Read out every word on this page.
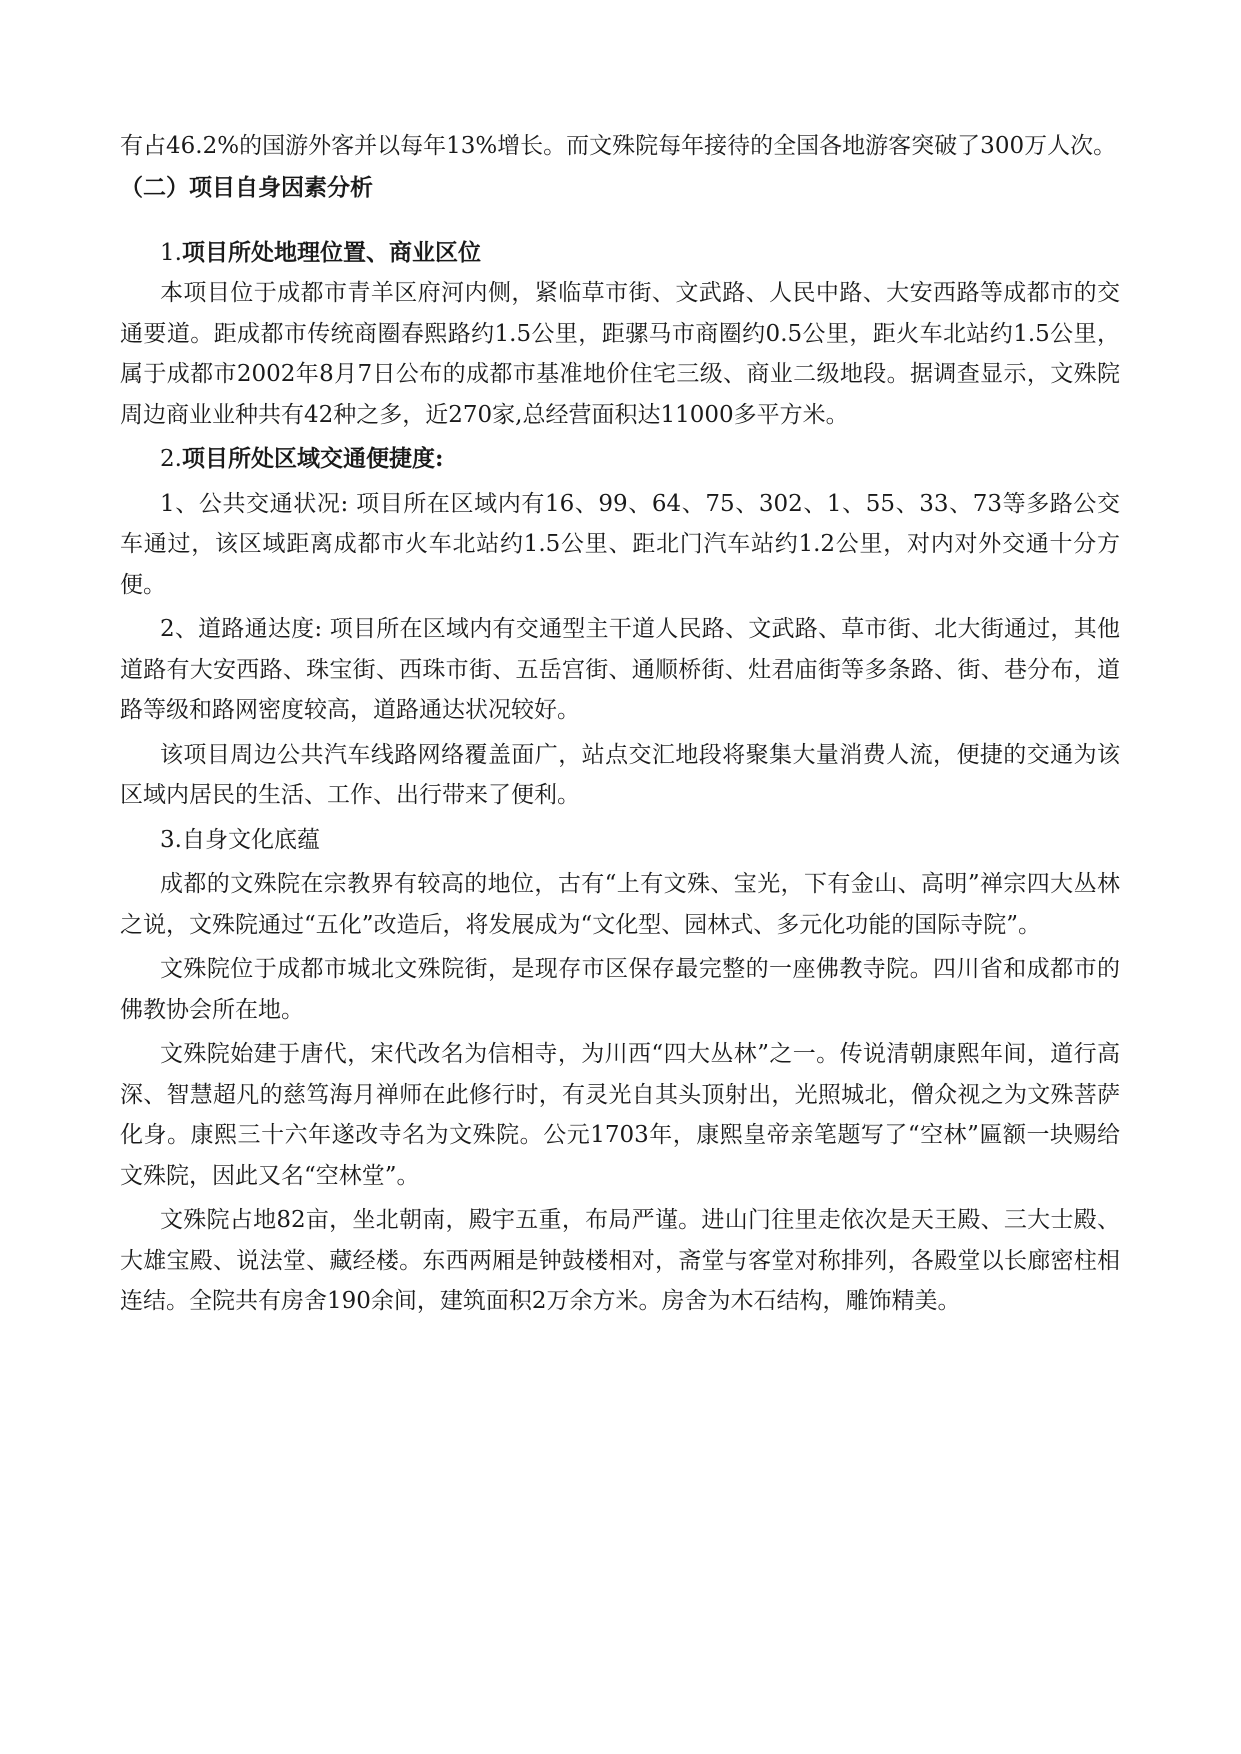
有占46.2%的国游外客并以每年13%增长。而文殊院每年接待的全国各地游客突破了300万人次。

（二）项目自身因素分析

1.项目所处地理位置、商业区位

本项目位于成都市青羊区府河内侧，紧临草市街、文武路、人民中路、大安西路等成都市的交通要道。距成都市传统商圈春熙路约1.5公里，距骡马市商圈约0.5公里，距火车北站约1.5公里，属于成都市2002年8月7日公布的成都市基准地价住宅三级、商业二级地段。据调查显示，文殊院周边商业业种共有42种之多，近270家,总经营面积达11000多平方米。

2.项目所处区域交通便捷度:

1、公共交通状况: 项目所在区域内有16、99、64、75、302、1、55、33、73等多路公交车通过，该区域距离成都市火车北站约1.5公里、距北门汽车站约1.2公里，对内对外交通十分方便。

2、道路通达度: 项目所在区域内有交通型主干道人民路、文武路、草市街、北大街通过，其他道路有大安西路、珠宝街、西珠市街、五岳宫街、通顺桥街、灶君庙街等多条路、街、巷分布，道路等级和路网密度较高，道路通达状况较好。

该项目周边公共汽车线路网络覆盖面广，站点交汇地段将聚集大量消费人流，便捷的交通为该区域内居民的生活、工作、出行带来了便利。

3.自身文化底蕴

成都的文殊院在宗教界有较高的地位，古有“上有文殊、宝光，下有金山、高明”禅宗四大丛林之说，文殊院通过“五化”改造后，将发展成为“文化型、园林式、多元化功能的国际寺院”。

文殊院位于成都市城北文殊院街，是现存市区保存最完整的一座佛教寺院。四川省和成都市的佛教协会所在地。

文殊院始建于唐代，宋代改名为信相寺，为川西“四大丛林”之一。传说清朝康熙年间，道行高深、智慧超凡的慈笃海月禅师在此修行时，有灵光自其头顶射出，光照城北，僧众视之为文殊菩萨化身。康熙三十六年遂改寺名为文殊院。公元1703年，康熙皇帝亲笔题写了“空林”匾额一块赐给文殊院，因此又名“空林堂”。

文殊院占地82亩，坐北朝南，殿宇五重，布局严谨。进山门往里走依次是天王殿、三大士殿、大雄宝殿、说法堂、藏经楼。东西两厢是钟鼓楼相对，斋堂与客堂对称排列，各殿堂以长廊密柱相连结。全院共有房舍190余间，建筑面积2万余方米。房舍为木石结构，雕饰精美。
